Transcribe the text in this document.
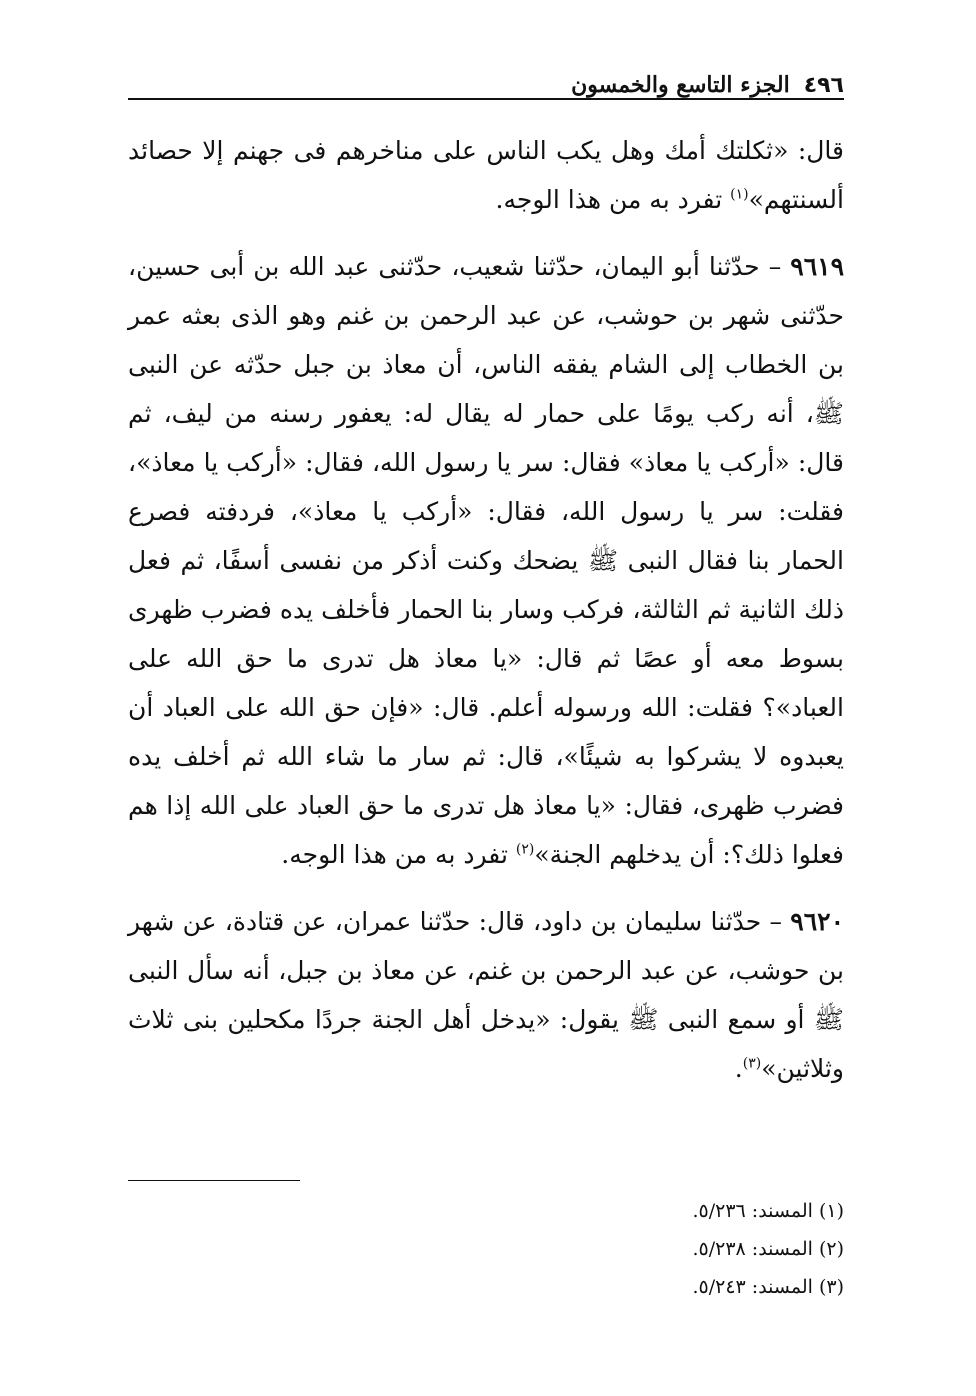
٤٩٦
الجزء التاسع والخمسون

قال: «ثكلتك أمك وهل يكب الناس على مناخرهم فى جهنم إلا حصائد ألسنتهم»$^{(١)}$ تفرد به من هذا الوجه.

٩٦١٩ – حدّثنا أبو اليمان، حدّثنا شعيب، حدّثنى عبد الله بن أبى حسين، حدّثنى شهر بن حوشب، عن عبد الرحمن بن غنم وهو الذى بعثه عمر بن الخطاب إلى الشام يفقه الناس، أن معاذ بن جبل حدّثه عن النبى ﷺ، أنه ركب يومًا على حمار له يقال له: يعفور رسنه من ليف، ثم قال: «أركب يا معاذ» فقال: سر يا رسول الله، فقال: «أركب يا معاذ»، فقلت: سر يا رسول الله، فقال: «أركب يا معاذ»، فردفته فصرع الحمار بنا فقال النبى ﷺ يضحك وكنت أذكر من نفسى أسفًا، ثم فعل ذلك الثانية ثم الثالثة، فركب وسار بنا الحمار فأخلف يده فضرب ظهرى بسوط معه أو عصًا ثم قال: «يا معاذ هل تدرى ما حق الله على العباد»؟ فقلت: الله ورسوله أعلم. قال: «فإن حق الله على العباد أن يعبدوه لا يشركوا به شيئًا»، قال: ثم سار ما شاء الله ثم أخلف يده فضرب ظهرى، فقال: «يا معاذ هل تدرى ما حق العباد على الله إذا هم فعلوا ذلك؟: أن يدخلهم الجنة»$^{(٢)}$ تفرد به من هذا الوجه.

٩٦٢٠ – حدّثنا سليمان بن داود، قال: حدّثنا عمران، عن قتادة، عن شهر بن حوشب، عن عبد الرحمن بن غنم، عن معاذ بن جبل، أنه سأل النبى ﷺ أو سمع النبى ﷺ يقول: «يدخل أهل الجنة جردًا مكحلين بنى ثلاث وثلاثين»$^{(٣)}$.

(١) المسند: ٥/٢٣٦.
(٢) المسند: ٥/٢٣٨.
(٣) المسند: ٥/٢٤٣.
